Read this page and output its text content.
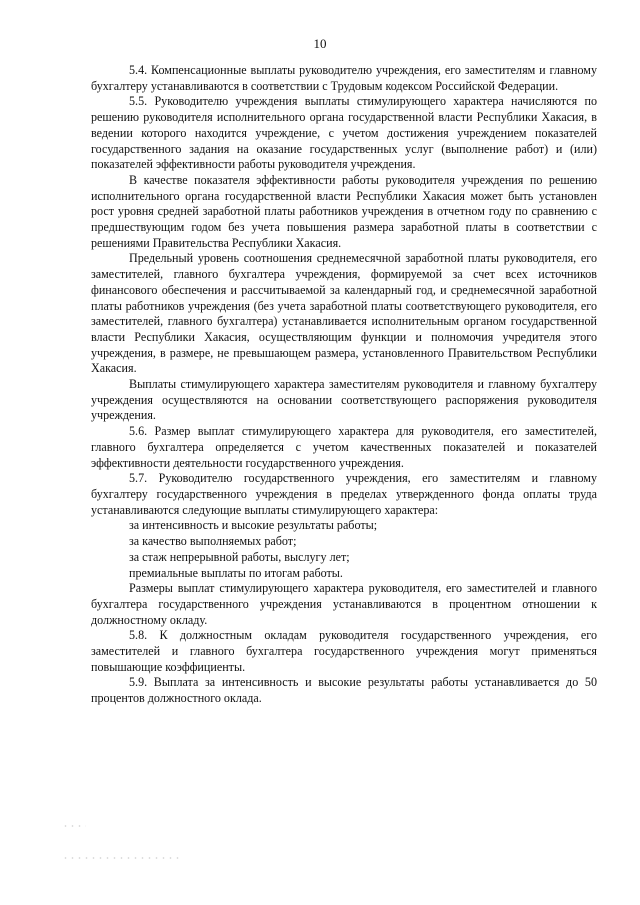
10

5.4. Компенсационные выплаты руководителю учреждения, его заместителям и главному бухгалтеру устанавливаются в соответствии с Трудовым кодексом Российской Федерации.

5.5. Руководителю учреждения выплаты стимулирующего характера начисляются по решению руководителя исполнительного органа государственной власти Республики Хакасия, в ведении которого находится учреждение, с учетом достижения учреждением показателей государственного задания на оказание государственных услуг (выполнение работ) и (или) показателей эффективности работы руководителя учреждения.

В качестве показателя эффективности работы руководителя учреждения по решению исполнительного органа государственной власти Республики Хакасия может быть установлен рост уровня средней заработной платы работников учреждения в отчетном году по сравнению с предшествующим годом без учета повышения размера заработной платы в соответствии с решениями Правительства Республики Хакасия.

Предельный уровень соотношения среднемесячной заработной платы руководителя, его заместителей, главного бухгалтера учреждения, формируемой за счет всех источников финансового обеспечения и рассчитываемой за календарный год, и среднемесячной заработной платы работников учреждения (без учета заработной платы соответствующего руководителя, его заместителей, главного бухгалтера) устанавливается исполнительным органом государственной власти Республики Хакасия, осуществляющим функции и полномочия учредителя этого учреждения, в размере, не превышающем размера, установленного Правительством Республики Хакасия.

Выплаты стимулирующего характера заместителям руководителя и главному бухгалтеру учреждения осуществляются на основании соответствующего распоряжения руководителя учреждения.

5.6. Размер выплат стимулирующего характера для руководителя, его заместителей, главного бухгалтера определяется с учетом качественных показателей и показателей эффективности деятельности государственного учреждения.

5.7. Руководителю государственного учреждения, его заместителям и главному бухгалтеру государственного учреждения в пределах утвержденного фонда оплаты труда устанавливаются следующие выплаты стимулирующего характера:

за интенсивность и высокие результаты работы;

за качество выполняемых работ;

за стаж непрерывной работы, выслугу лет;

премиальные выплаты по итогам работы.

Размеры выплат стимулирующего характера руководителя, его заместителей и главного бухгалтера государственного учреждения устанавливаются в процентном отношении к должностному окладу.

5.8. К должностным окладам руководителя государственного учреждения, его заместителей и главного бухгалтера государственного учреждения могут применяться повышающие коэффициенты.

5.9. Выплата за интенсивность и высокие результаты работы устанавливается до 50 процентов должностного оклада.
